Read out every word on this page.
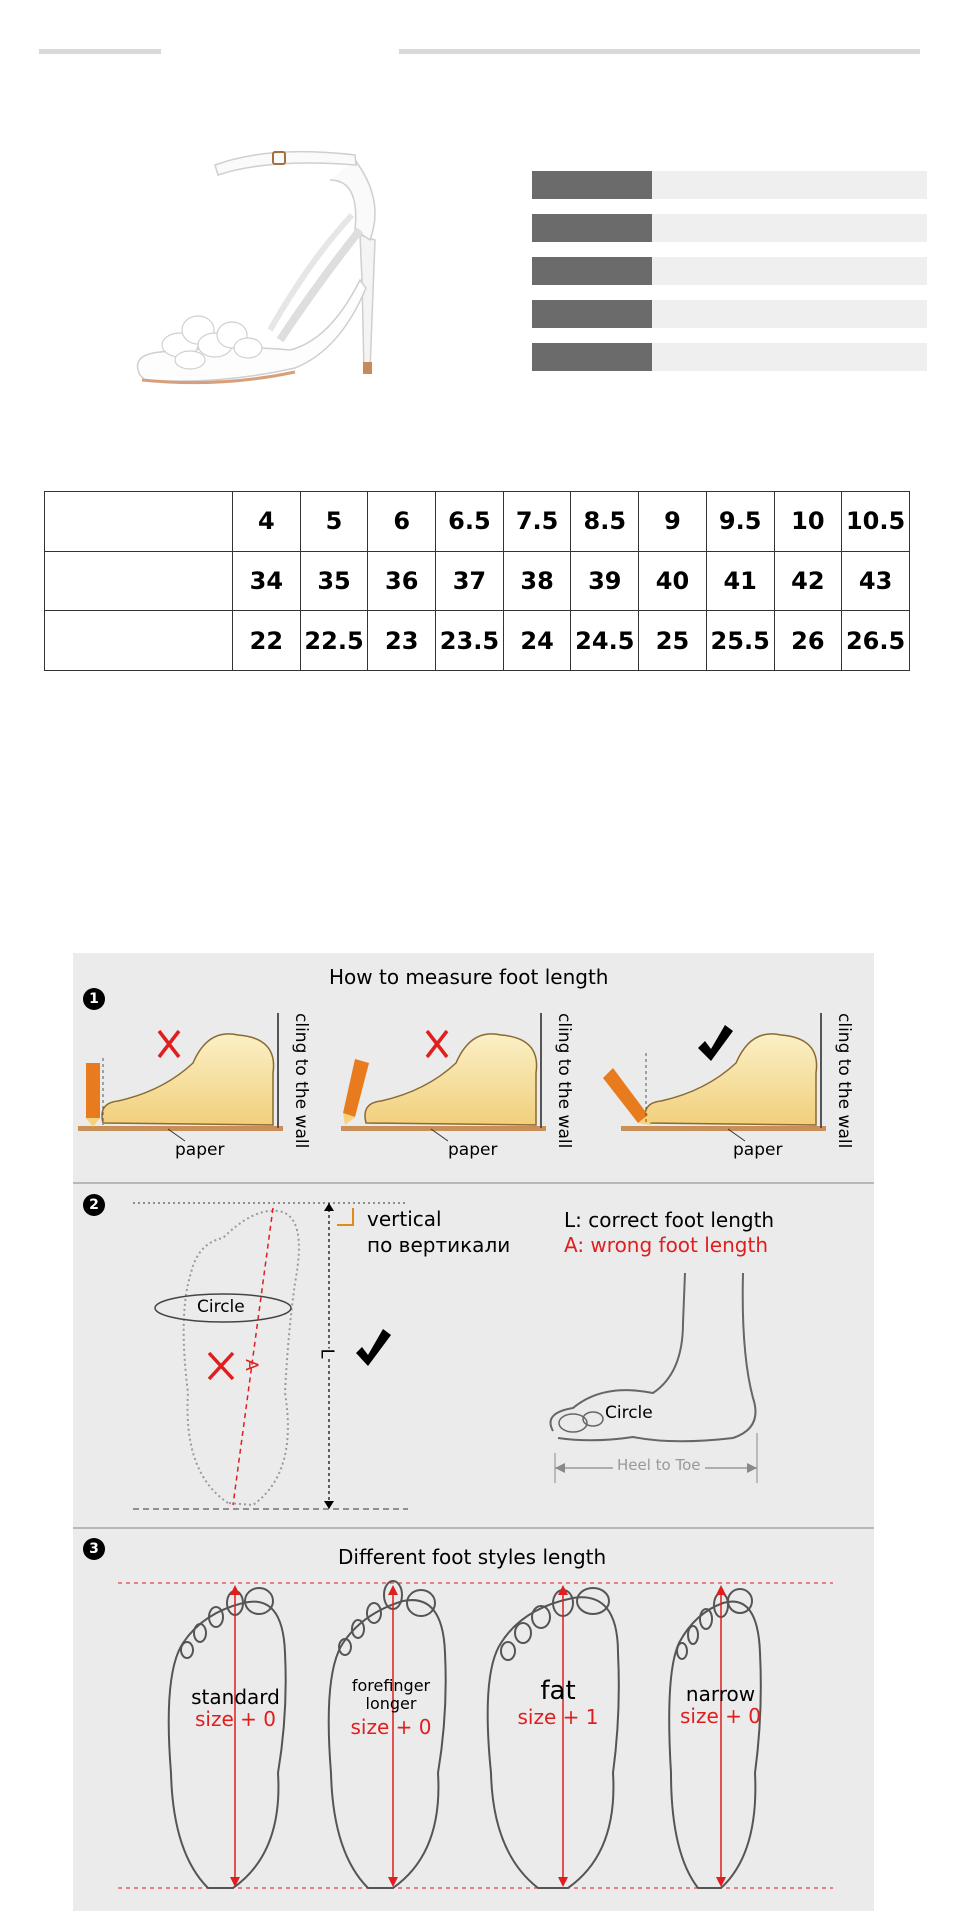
	4	5	6	6.5	7.5	8.5	9	9.5	10	10.5
	34	35	36	37	38	39	40	41	42	43
	22	22.5	23	23.5	24	24.5	25	25.5	26	26.5
1
How to measure foot length
paper	paper	paper
cling to the wall	cling to the wall	cling to the wall
2
vertical
по вертикали
L: correct foot length
A: wrong foot length
Circle
A
L
Circle
Heel to Toe
3	Different foot styles length
standard
size + 0
forefinger longer
size + 0
fat
size + 1
narrow
size + 0
